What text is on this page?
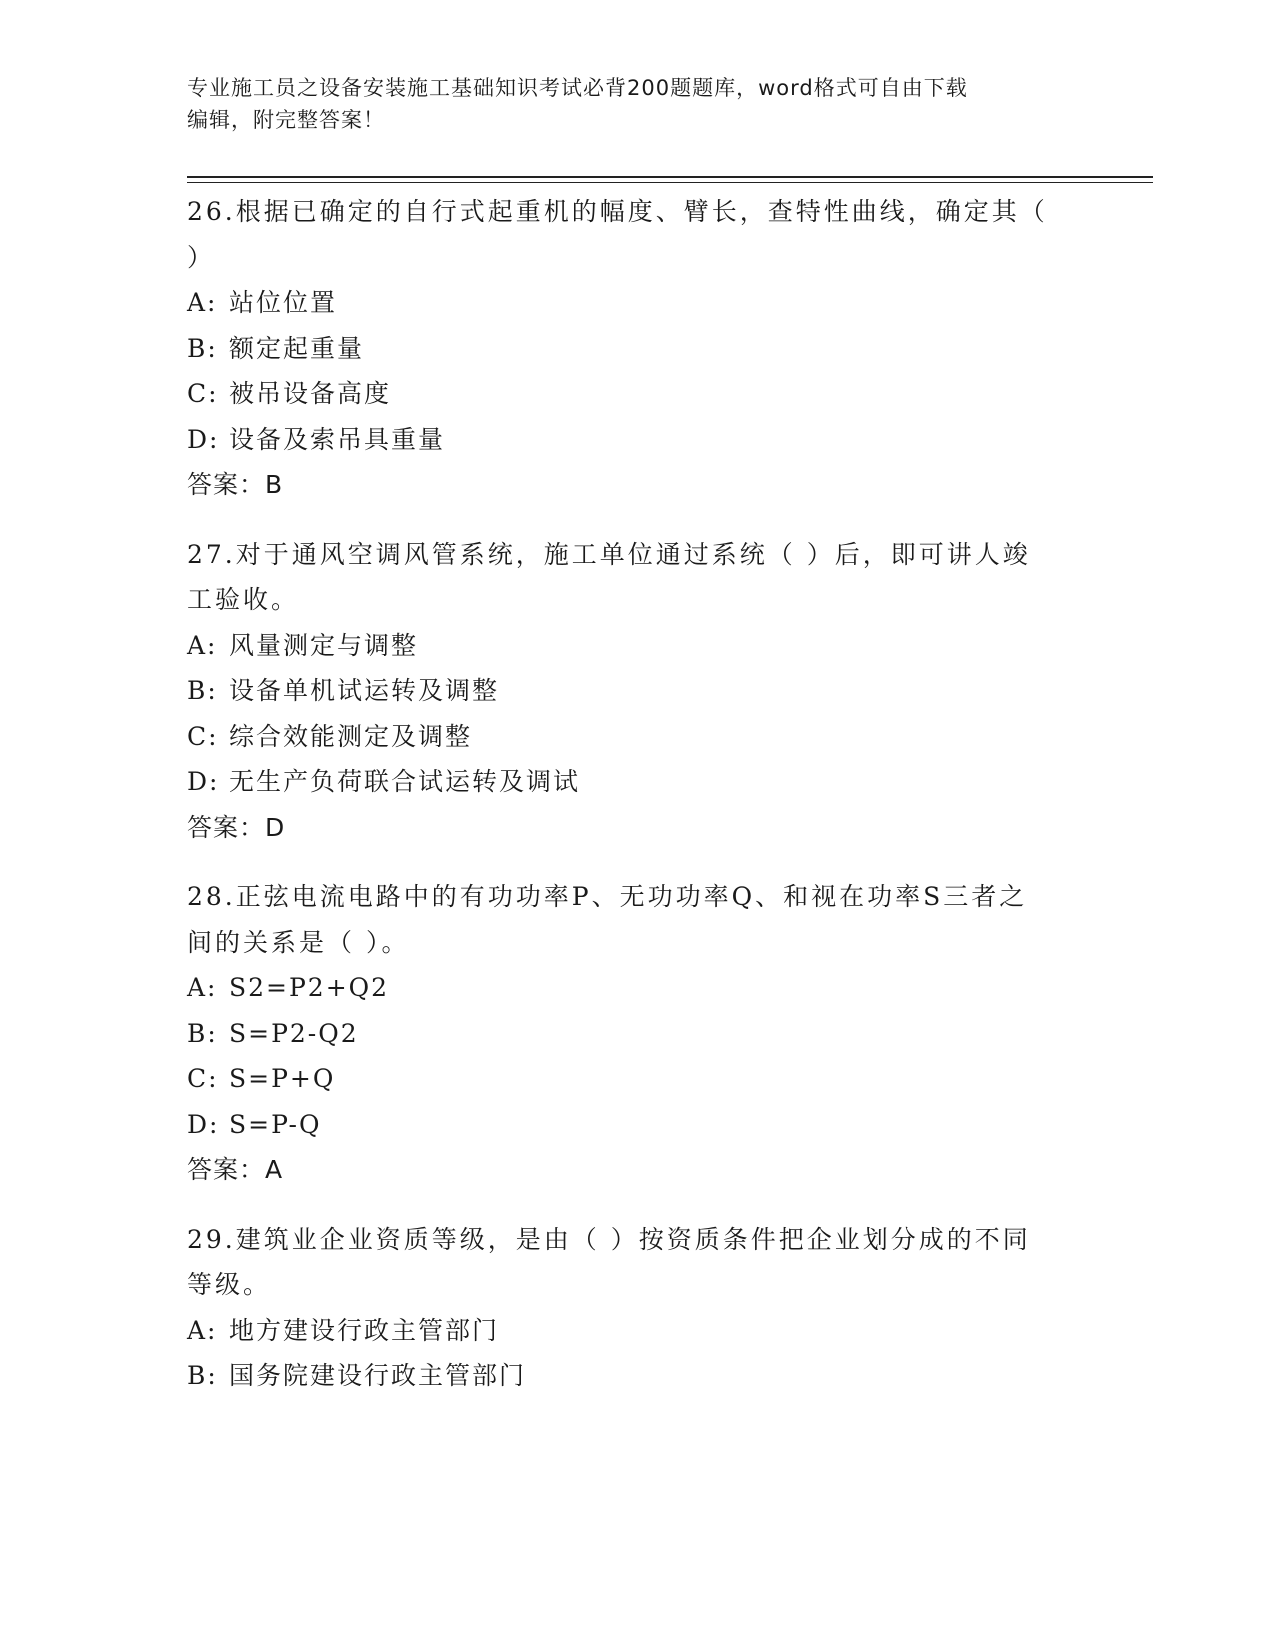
专业施工员之设备安装施工基础知识考试必背200题题库，word格式可自由下载
编辑，附完整答案！
26.根据已确定的自行式起重机的幅度、臂长，查特性曲线，确定其（
）
A: 站位位置
B: 额定起重量
C: 被吊设备高度
D: 设备及索吊具重量
答案：B
27.对于通风空调风管系统，施工单位通过系统（ ）后，即可讲人竣
工验收。
A: 风量测定与调整
B: 设备单机试运转及调整
C: 综合效能测定及调整
D: 无生产负荷联合试运转及调试
答案：D
28.正弦电流电路中的有功功率P、无功功率Q、和视在功率S三者之
间的关系是（ ）。
A: S2=P2+Q2
B: S=P2-Q2
C: S=P+Q
D: S=P-Q
答案：A
29.建筑业企业资质等级，是由（ ）按资质条件把企业划分成的不同
等级。
A: 地方建设行政主管部门
B: 国务院建设行政主管部门
